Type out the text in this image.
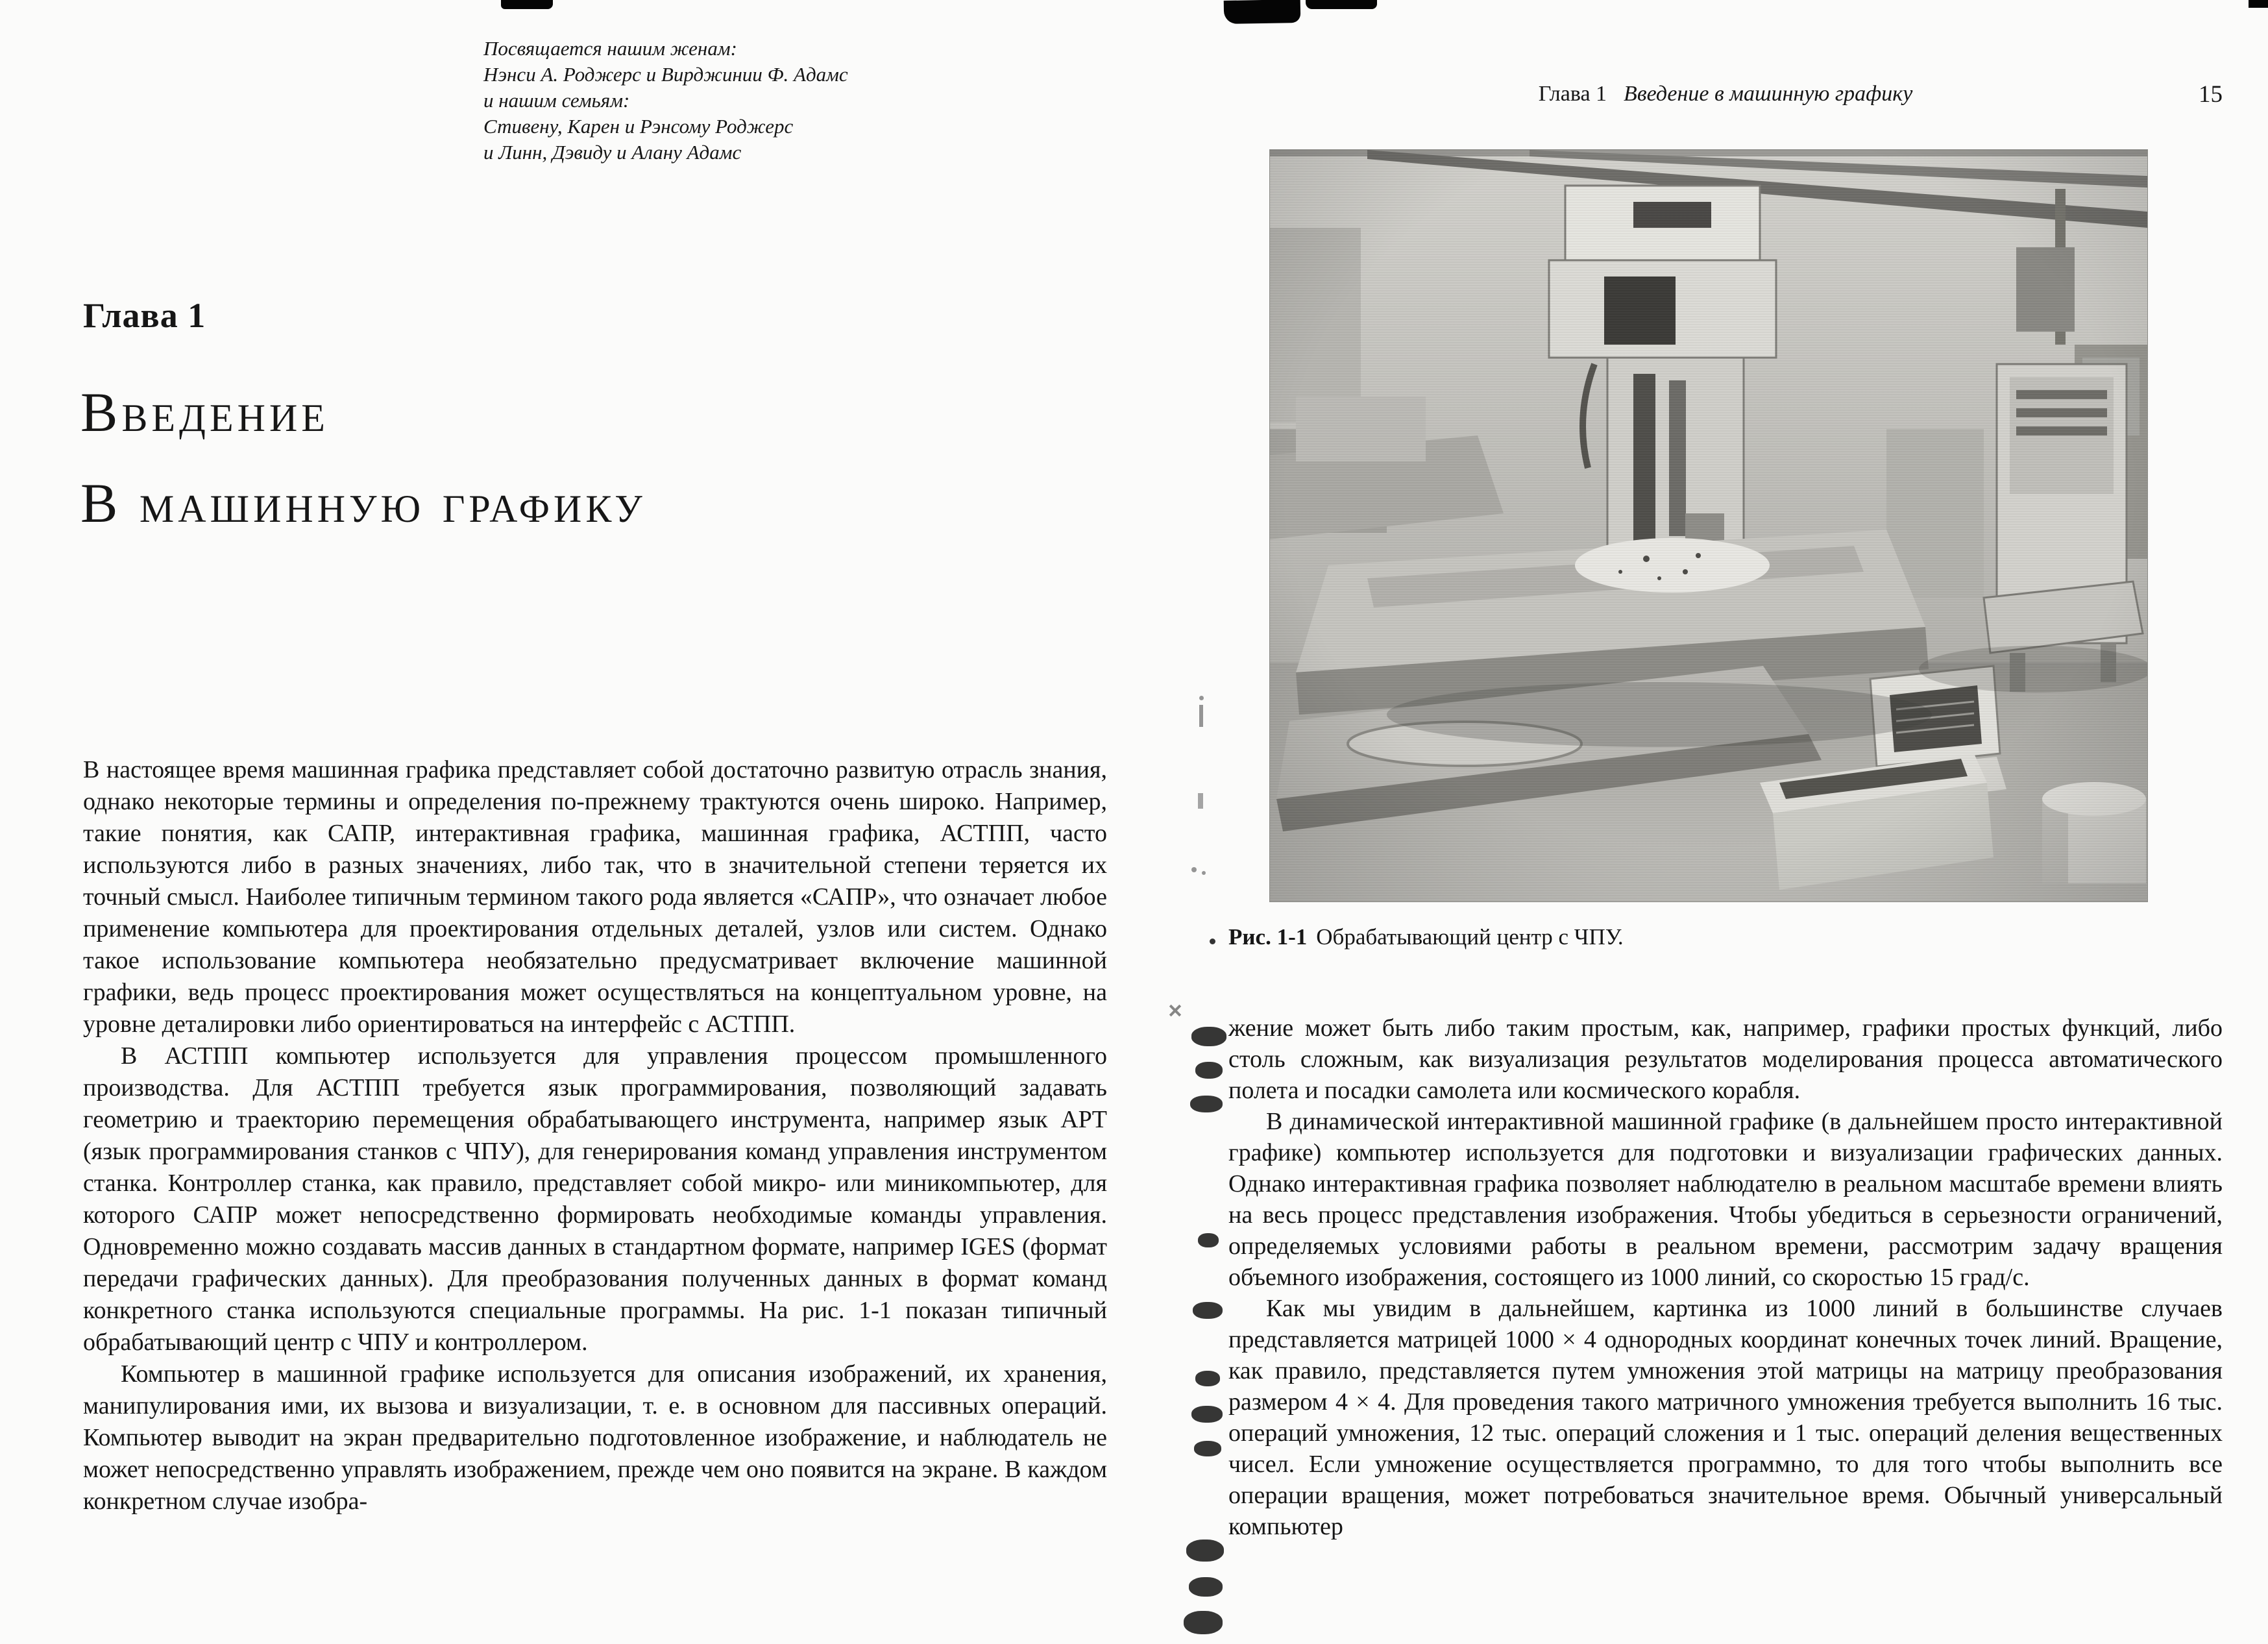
Посвящается нашим женам:
Нэнси А. Роджерс и Вирджинии Ф. Адамс
и нашим семьям:
Стивену, Карен и Рэнсому Роджерс
и Линн, Дэвиду и Алану Адамс
Глава 1
Введение
В машинную графику

В настоящее время машинная графика представляет собой достаточно развитую отрасль знания, однако некоторые термины и определения по-прежнему трактуются очень широко. Например, такие понятия, как САПР, интерактивная графика, машинная графика, АСТПП, часто используются либо в разных значениях, либо так, что в значительной степени теряется их точный смысл. Наиболее типичным термином такого рода является «САПР», что означает любое применение компьютера для проектирования отдельных деталей, узлов или систем. Однако такое использование компьютера необязательно предусматривает включение машинной графики, ведь процесс проектирования может осуществляться на концептуальном уровне, на уровне деталировки либо ориентироваться на интерфейс с АСТПП.

В АСТПП компьютер используется для управления процессом промышленного производства. Для АСТПП требуется язык программирования, позволяющий задавать геометрию и траекторию перемещения обрабатывающего инструмента, например язык APT (язык программирования станков с ЧПУ), для генерирования команд управления инструментом станка. Контроллер станка, как правило, представляет собой микро- или миникомпьютер, для которого САПР может непосредственно формировать необходимые команды управления. Одновременно можно создавать массив данных в стандартном формате, например IGES (формат передачи графических данных). Для преобразования полученных данных в формат команд конкретного станка используются специальные программы. На рис. 1-1 показан типичный обрабатывающий центр с ЧПУ и контроллером.

Компьютер в машинной графике используется для описания изображений, их хранения, манипулирования ими, их вызова и визуализации, т. е. в основном для пассивных операций. Компьютер выводит на экран предварительно подготовленное изображение, и наблюдатель не может непосредственно управлять изображением, прежде чем оно появится на экране. В каждом конкретном случае изобра-

Глава 1 Введение в машинную графику	15
Рис. 1-1 Обрабатывающий центр с ЧПУ.

жение может быть либо таким простым, как, например, графики простых функций, либо столь сложным, как визуализация результатов моделирования процесса автоматического полета и посадки самолета или космического корабля.

В динамической интерактивной машинной графике (в дальнейшем просто интерактивной графике) компьютер используется для подготовки и визуализации графических данных. Однако интерактивная графика позволяет наблюдателю в реальном масштабе времени влиять на весь процесс представления изображения. Чтобы убедиться в серьезности ограничений, определяемых условиями работы в реальном времени, рассмотрим задачу вращения объемного изображения, состоящего из 1000 линий, со скоростью 15 град/с.

Как мы увидим в дальнейшем, картинка из 1000 линий в большинстве случаев представляется матрицей 1000 × 4 однородных координат конечных точек линий. Вращение, как правило, представляется путем умножения этой матрицы на матрицу преобразования размером 4 × 4. Для проведения такого матричного умножения требуется выполнить 16 тыс. операций умножения, 12 тыс. операций сложения и 1 тыс. операций деления вещественных чисел. Если умножение осуществляется программно, то для того чтобы выполнить все операции вращения, может потребоваться значительное время. Обычный универсальный компьютер
